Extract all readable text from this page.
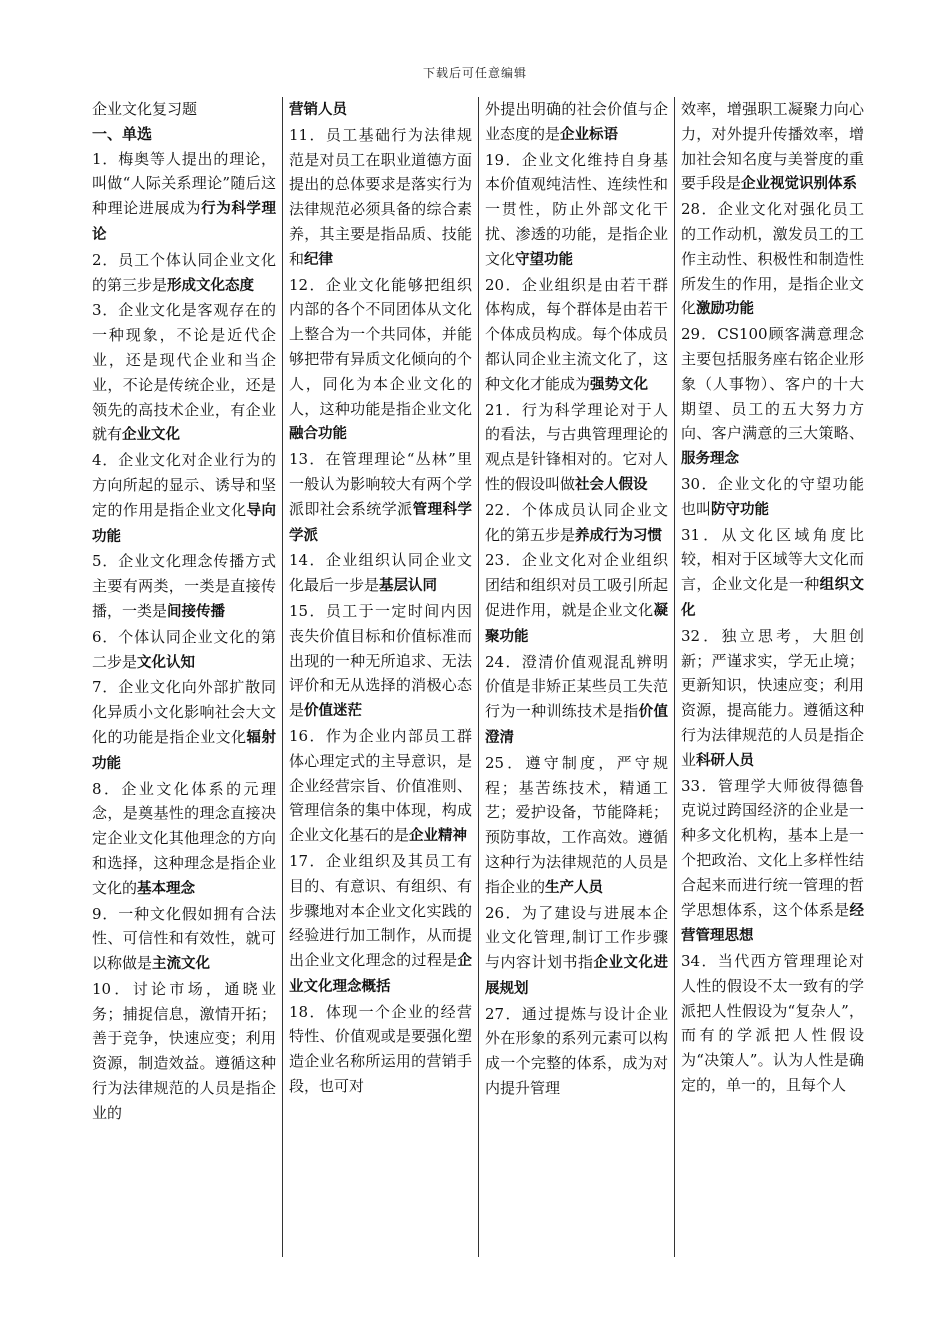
下载后可任意编辑

企业文化复习题

一、单选

1．梅奥等人提出的理论，叫做“人际关系理论”随后这种理论进展成为行为科学理论

2．员工个体认同企业文化的第三步是形成文化态度

3．企业文化是客观存在的一种现象，不论是近代企业，还是现代企业和当企业，不论是传统企业，还是领先的高技术企业，有企业就有企业文化

4．企业文化对企业行为的方向所起的显示、诱导和坚定的作用是指企业文化导向功能

5．企业文化理念传播方式主要有两类，一类是直接传播，一类是间接传播

6．个体认同企业文化的第二步是文化认知

7．企业文化向外部扩散同化异质小文化影响社会大文化的功能是指企业文化辐射功能

8．企业文化体系的元理念，是奠基性的理念直接决定企业文化其他理念的方向和选择，这种理念是指企业文化的基本理念

9．一种文化假如拥有合法性、可信性和有效性，就可以称做是主流文化

10．讨论市场，通晓业务；捕捉信息，激情开拓；善于竞争，快速应变；利用资源，制造效益。遵循这种行为法律规范的人员是指企业的

营销人员

11．员工基础行为法律规范是对员工在职业道德方面提出的总体要求是落实行为法律规范必须具备的综合素养，其主要是指品质、技能和纪律

12．企业文化能够把组织内部的各个不同团体从文化上整合为一个共同体，并能够把带有异质文化倾向的个人，同化为本企业文化的人，这种功能是指企业文化融合功能

13．在管理理论“丛林”里一般认为影响较大有两个学派即社会系统学派管理科学学派

14．企业组织认同企业文化最后一步是基层认同

15．员工于一定时间内因丧失价值目标和价值标准而出现的一种无所追求、无法评价和无从选择的消极心态是价值迷茫

16．作为企业内部员工群体心理定式的主导意识，是企业经营宗旨、价值准则、管理信条的集中体现，构成企业文化基石的是企业精神

17．企业组织及其员工有目的、有意识、有组织、有步骤地对本企业文化实践的经验进行加工制作，从而提出企业文化理念的过程是企业文化理念概括

18．体现一个企业的经营特性、价值观或是要强化塑造企业名称所运用的营销手段，也可对

外提出明确的社会价值与企业态度的是企业标语

19．企业文化维持自身基本价值观纯洁性、连续性和一贯性，防止外部文化干扰、渗透的功能，是指企业文化守望功能

20．企业组织是由若干群体构成，每个群体是由若干个体成员构成。每个体成员都认同企业主流文化了，这种文化才能成为强势文化

21．行为科学理论对于人的看法，与古典管理理论的观点是针锋相对的。它对人性的假设叫做社会人假设

22．个体成员认同企业文化的第五步是养成行为习惯

23．企业文化对企业组织团结和组织对员工吸引所起促进作用，就是企业文化凝聚功能

24．澄清价值观混乱辨明价值是非矫正某些员工失范行为一种训练技术是指价值澄清

25．遵守制度，严守规程；基苦练技术，精通工艺；爱护设备，节能降耗；预防事故，工作高效。遵循这种行为法律规范的人员是指企业的生产人员

26．为了建设与进展本企业文化管理,制订工作步骤与内容计划书指企业文化进展规划

27．通过提炼与设计企业外在形象的系列元素可以构成一个完整的体系，成为对内提升管理

效率，增强职工凝聚力向心力，对外提升传播效率，增加社会知名度与美誉度的重要手段是企业视觉识别体系

28．企业文化对强化员工的工作动机，激发员工的工作主动性、积极性和制造性所发生的作用，是指企业文化激励功能

29．CS100顾客满意理念主要包括服务座右铭企业形象（人事物）、客户的十大期望、员工的五大努力方向、客户满意的三大策略、服务理念

30．企业文化的守望功能也叫防守功能

31．从文化区域角度比较，相对于区域等大文化而言，企业文化是一种组织文化

32．独立思考，大胆创新；严谨求实，学无止境；更新知识，快速应变；利用资源，提高能力。遵循这种行为法律规范的人员是指企业科研人员

33．管理学大师彼得德鲁克说过跨国经济的企业是一种多文化机构，基本上是一个把政治、文化上多样性结合起来而进行统一管理的哲学思想体系，这个体系是经营管理思想

34．当代西方管理理论对人性的假设不太一致有的学派把人性假设为“复杂人”，而有的学派把人性假设为“决策人”。认为人性是确定的，单一的，且每个人
